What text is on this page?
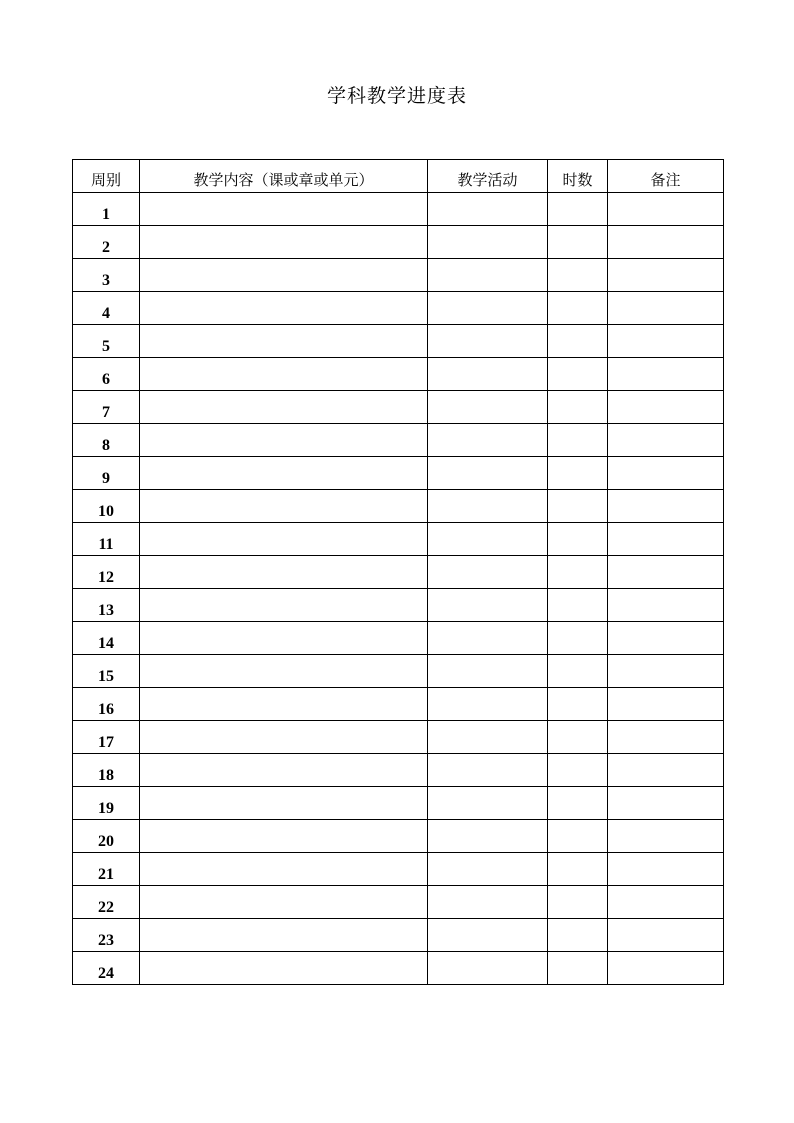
学科教学进度表
周别	教学内容（课或章或单元）	教学活动	时数	备注
1				
2				
3				
4				
5				
6				
7				
8				
9				
10				
11				
12				
13				
14				
15				
16				
17				
18				
19				
20				
21				
22				
23				
24				
